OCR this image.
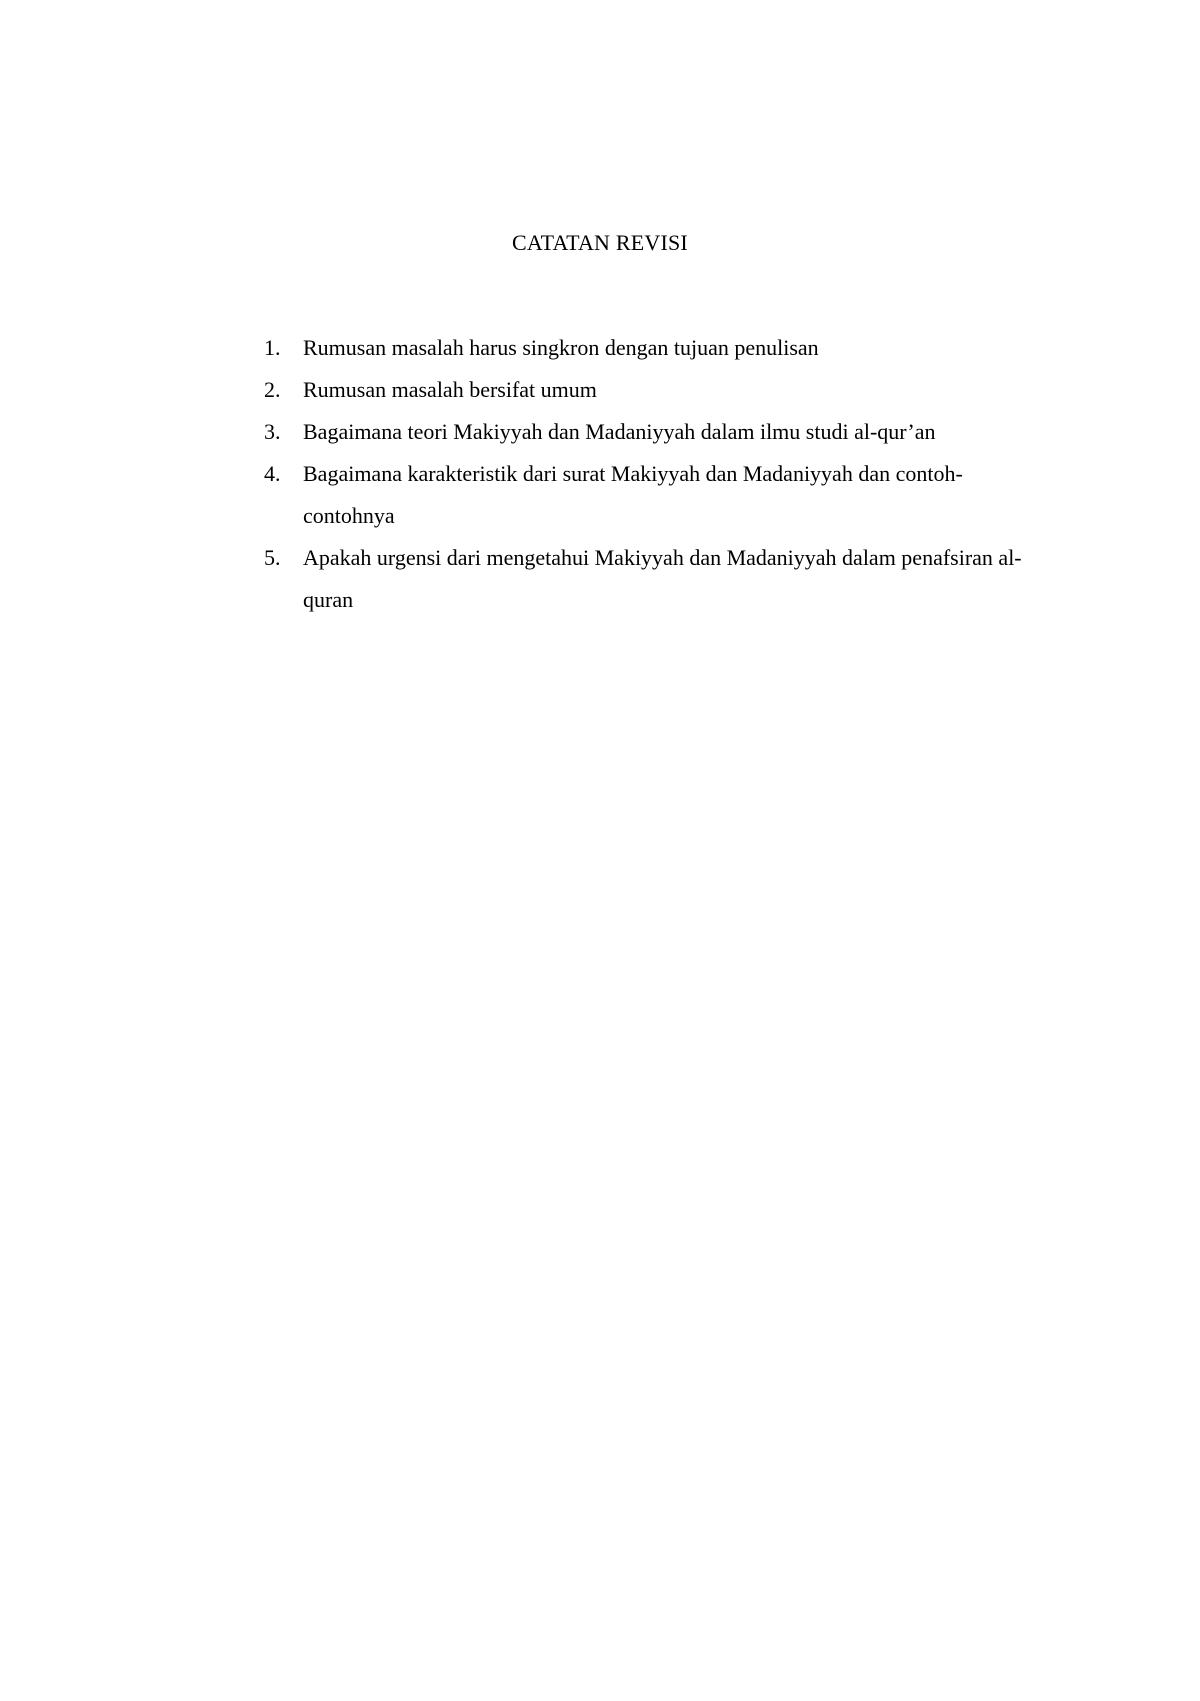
CATATAN REVISI
1. Rumusan masalah harus singkron dengan tujuan penulisan
2. Rumusan masalah bersifat umum
3. Bagaimana teori Makiyyah dan Madaniyyah dalam ilmu studi al-qur’an
4. Bagaimana karakteristik dari surat Makiyyah dan Madaniyyah dan contoh-contohnya
5. Apakah urgensi dari mengetahui Makiyyah dan Madaniyyah dalam penafsiran al-quran
